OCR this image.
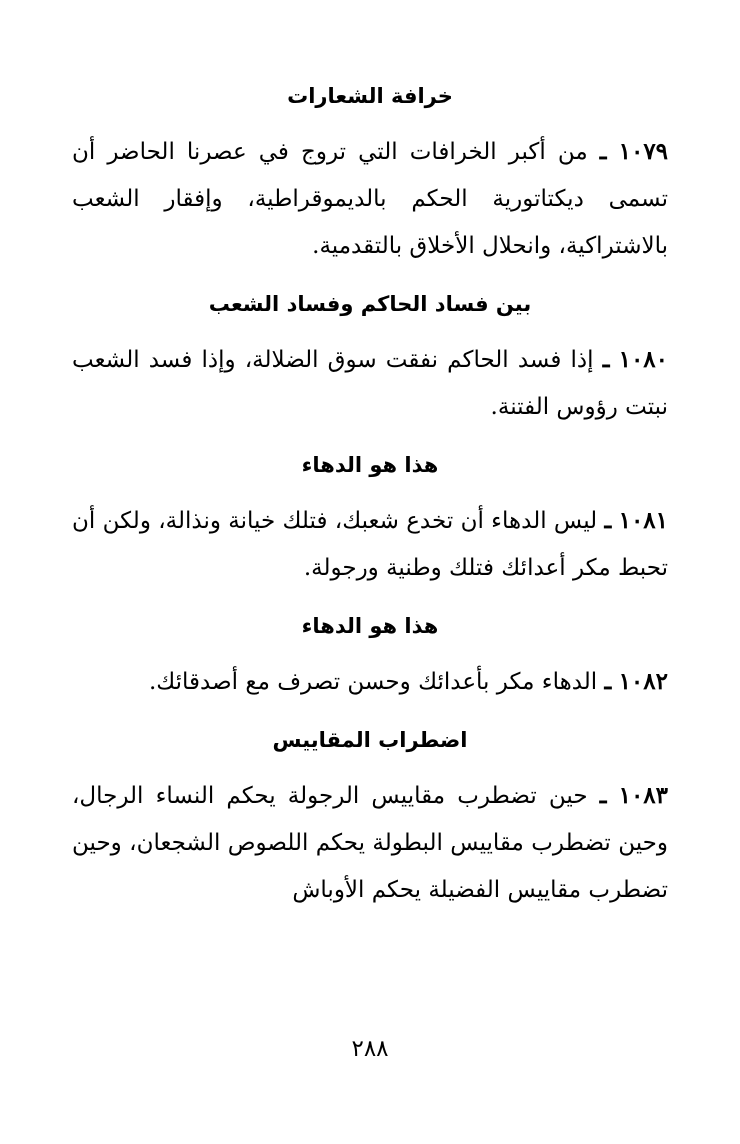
خرافة الشعارات

١٠٧٩ ـ من أكبر الخرافات التي تروج في عصرنا الحاضر أن تسمى ديكتاتورية الحكم بالديموقراطية، وإفقار الشعب بالاشتراكية، وانحلال الأخلاق بالتقدمية.

بين فساد الحاكم وفساد الشعب

١٠٨٠ ـ إذا فسد الحاكم نفقت سوق الضلالة، وإذا فسد الشعب نبتت رؤوس الفتنة.

هذا هو الدهاء

١٠٨١ ـ ليس الدهاء أن تخدع شعبك، فتلك خيانة ونذالة، ولكن أن تحبط مكر أعدائك فتلك وطنية ورجولة.

هذا هو الدهاء

١٠٨٢ ـ الدهاء مكر بأعدائك وحسن تصرف مع أصدقائك.

اضطراب المقاييس

١٠٨٣ ـ حين تضطرب مقاييس الرجولة يحكم النساء الرجال، وحين تضطرب مقاييس البطولة يحكم اللصوص الشجعان، وحين تضطرب مقاييس الفضيلة يحكم الأوباش

٢٨٨
